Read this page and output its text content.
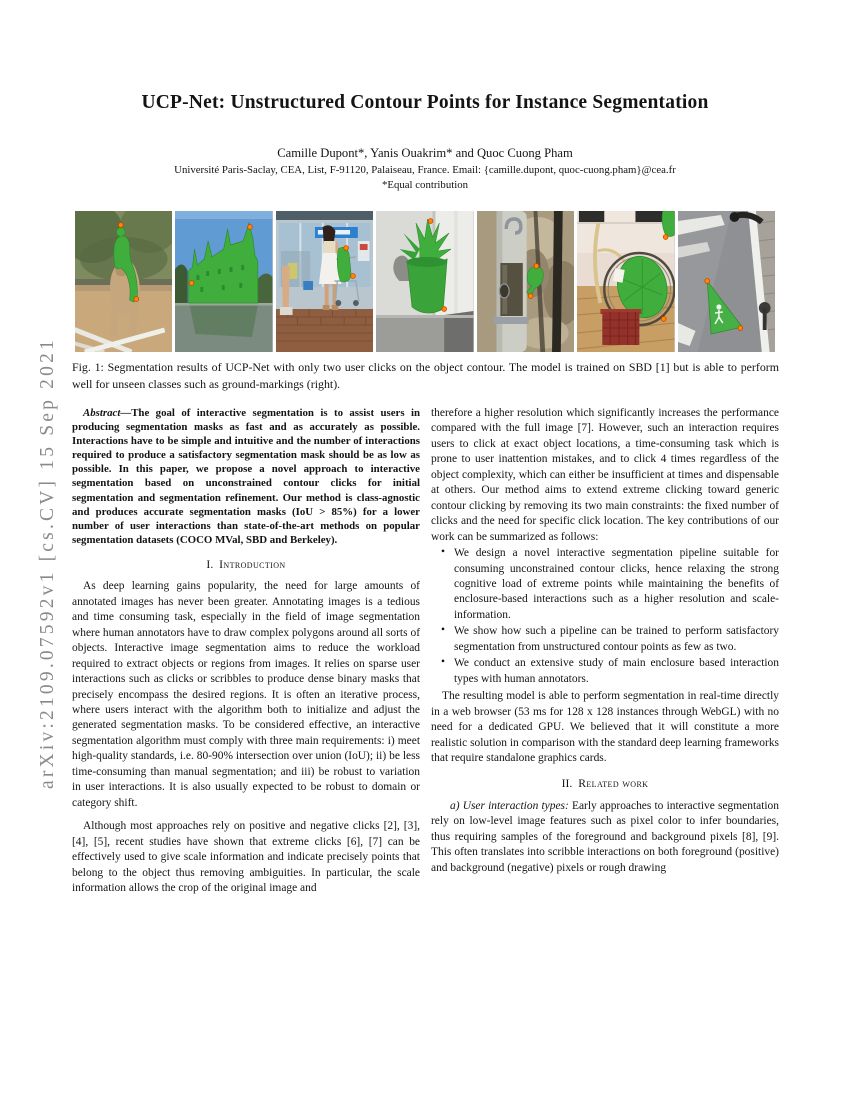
arXiv:2109.07592v1 [cs.CV] 15 Sep 2021
UCP-Net: Unstructured Contour Points for Instance Segmentation
Camille Dupont*, Yanis Ouakrim* and Quoc Cuong Pham
Université Paris-Saclay, CEA, List, F-91120, Palaiseau, France. Email: {camille.dupont, quoc-cuong.pham}@cea.fr
*Equal contribution
Fig. 1: Segmentation results of UCP-Net with only two user clicks on the object contour. The model is trained on SBD [1] but is able to perform well for unseen classes such as ground-markings (right).

Abstract—The goal of interactive segmentation is to assist users in producing segmentation masks as fast and as accurately as possible. Interactions have to be simple and intuitive and the number of interactions required to produce a satisfactory segmentation mask should be as low as possible. In this paper, we propose a novel approach to interactive segmentation based on unconstrained contour clicks for initial segmentation and segmentation refinement. Our method is class-agnostic and produces accurate segmentation masks (IoU > 85%) for a lower number of user interactions than state-of-the-art methods on popular segmentation datasets (COCO MVal, SBD and Berkeley).

I. Introduction

As deep learning gains popularity, the need for large amounts of annotated images has never been greater. Annotating images is a tedious and time consuming task, especially in the field of image segmentation where human annotators have to draw complex polygons around all sorts of objects. Interactive image segmentation aims to reduce the workload required to extract objects or regions from images. It relies on sparse user interactions such as clicks or scribbles to produce dense binary masks that precisely encompass the desired regions. It is often an iterative process, where users interact with the algorithm both to initialize and adjust the generated segmentation masks. To be considered effective, an interactive segmentation algorithm must comply with three main requirements: i) meet high-quality standards, i.e. 80-90% intersection over union (IoU); ii) be less time-consuming than manual segmentation; and iii) be robust to variation in user interactions. It is also usually expected to be robust to domain or category shift.

Although most approaches rely on positive and negative clicks [2], [3], [4], [5], recent studies have shown that extreme clicks [6], [7] can be effectively used to give scale information and indicate precisely points that belong to the object thus removing ambiguities. In particular, the scale information allows the crop of the original image and

therefore a higher resolution which significantly increases the performance compared with the full image [7]. However, such an interaction requires users to click at exact object locations, a time-consuming task which is prone to user inattention mistakes, and to click 4 times regardless of the object complexity, which can either be insufficient at times and dispensable at others. Our method aims to extend extreme clicking toward generic contour clicking by removing its two main constraints: the fixed number of clicks and the need for specific click location. The key contributions of our work can be summarized as follows:

• We design a novel interactive segmentation pipeline suitable for consuming unconstrained contour clicks, hence relaxing the strong cognitive load of extreme points while maintaining the benefits of enclosure-based interactions such as a higher resolution and scale-information.
• We show how such a pipeline can be trained to perform satisfactory segmentation from unstructured contour points as few as two.
• We conduct an extensive study of main enclosure based interaction types with human annotators.

The resulting model is able to perform segmentation in real-time directly in a web browser (53 ms for 128 x 128 instances through WebGL) with no need for a dedicated GPU. We believed that it will constitute a more realistic solution in comparison with the standard deep learning frameworks that require standalone graphics cards.

II. Related work

a) User interaction types: Early approaches to interactive segmentation rely on low-level image features such as pixel color to infer boundaries, thus requiring samples of the foreground and background pixels [8], [9]. This often translates into scribble interactions on both foreground (positive) and background (negative) pixels or rough drawing
